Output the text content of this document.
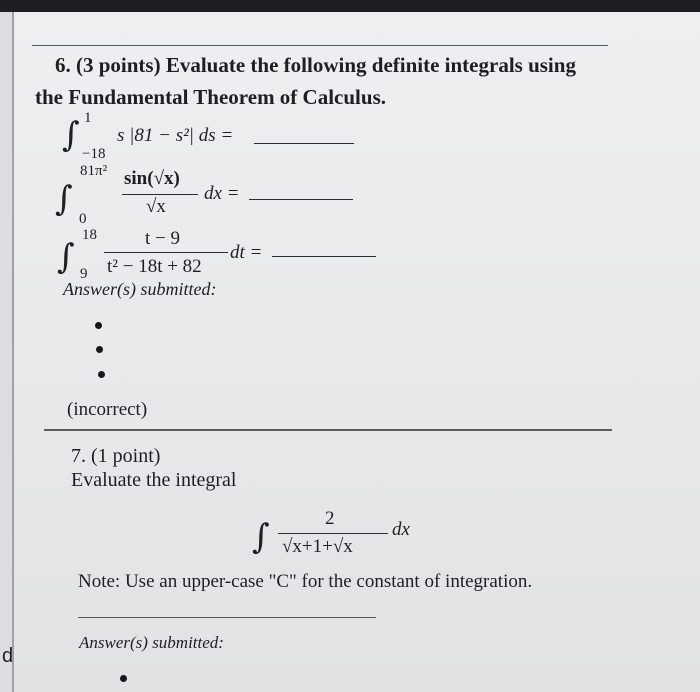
d
6. (3 points) Evaluate the following definite integrals using
the Fundamental Theorem of Calculus.
∫ 1
−18
s |81 − s²| ds =
∫
81π²
0
sin(√x)
√x
dx =
∫
18
9
t − 9
t² − 18t + 82
dt =
Answer(s) submitted:
(incorrect)
7. (1 point)
Evaluate the integral
∫	2
√x+1+√x
dx
Note: Use an upper-case "C" for the constant of integration.
Answer(s) submitted:
